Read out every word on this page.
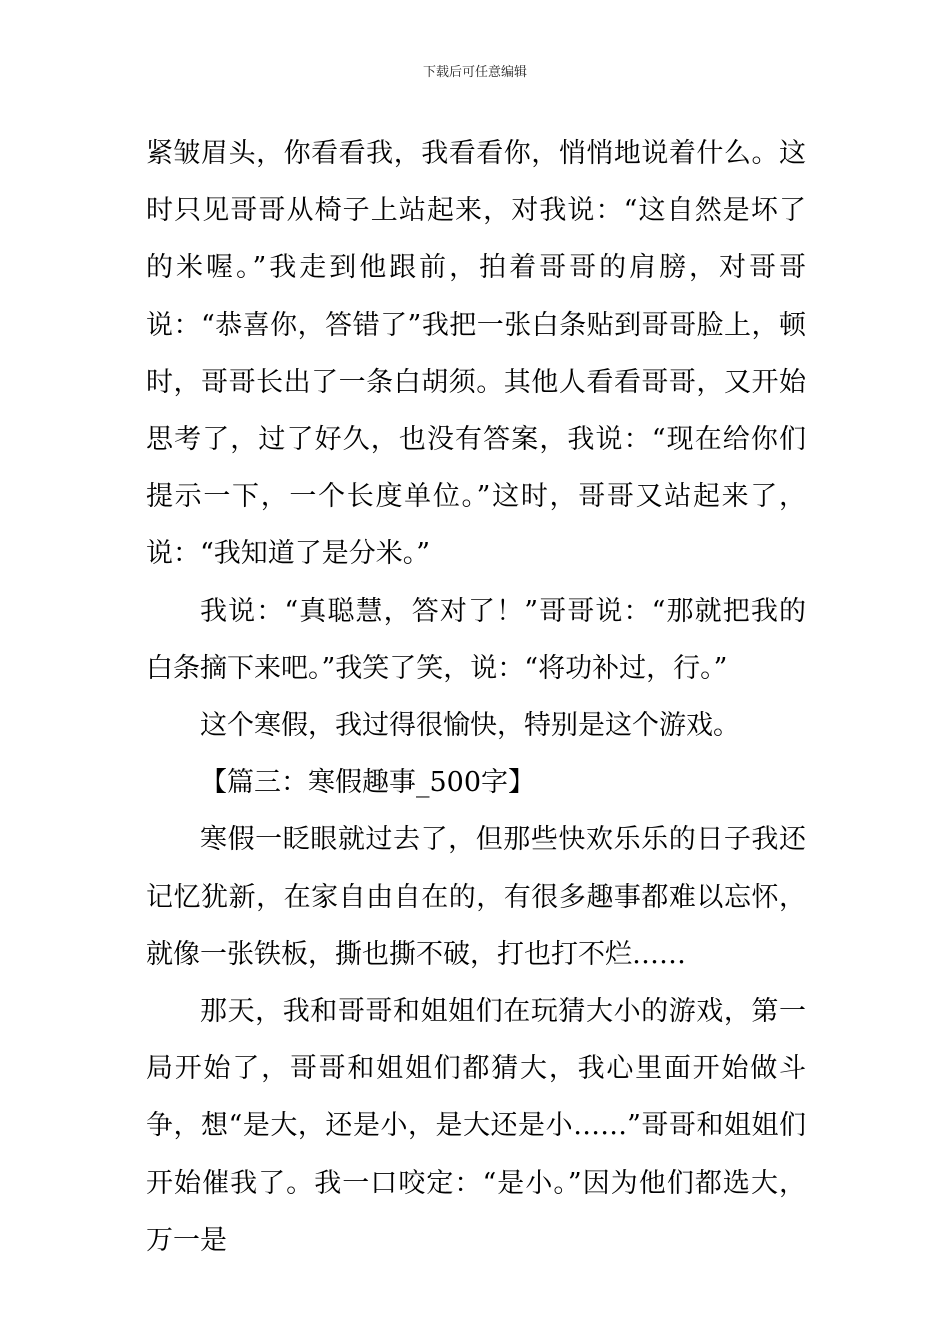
下载后可任意编辑

紧皱眉头，你看看我，我看看你，悄悄地说着什么。这时只见哥哥从椅子上站起来，对我说：“这自然是坏了的米喔。”我走到他跟前，拍着哥哥的肩膀，对哥哥说：“恭喜你，答错了”我把一张白条贴到哥哥脸上，顿时，哥哥长出了一条白胡须。其他人看看哥哥，又开始思考了，过了好久，也没有答案，我说：“现在给你们提示一下，一个长度单位。”这时，哥哥又站起来了，说：“我知道了是分米。”

我说：“真聪慧，答对了！”哥哥说：“那就把我的白条摘下来吧。”我笑了笑，说：“将功补过，行。”

这个寒假，我过得很愉快，特别是这个游戏。

【篇三：寒假趣事_500字】

寒假一眨眼就过去了，但那些快欢乐乐的日子我还记忆犹新，在家自由自在的，有很多趣事都难以忘怀，就像一张铁板，撕也撕不破，打也打不烂……

那天，我和哥哥和姐姐们在玩猜大小的游戏，第一局开始了，哥哥和姐姐们都猜大，我心里面开始做斗争，想“是大，还是小，是大还是小……”哥哥和姐姐们开始催我了。我一口咬定：“是小。”因为他们都选大，万一是
